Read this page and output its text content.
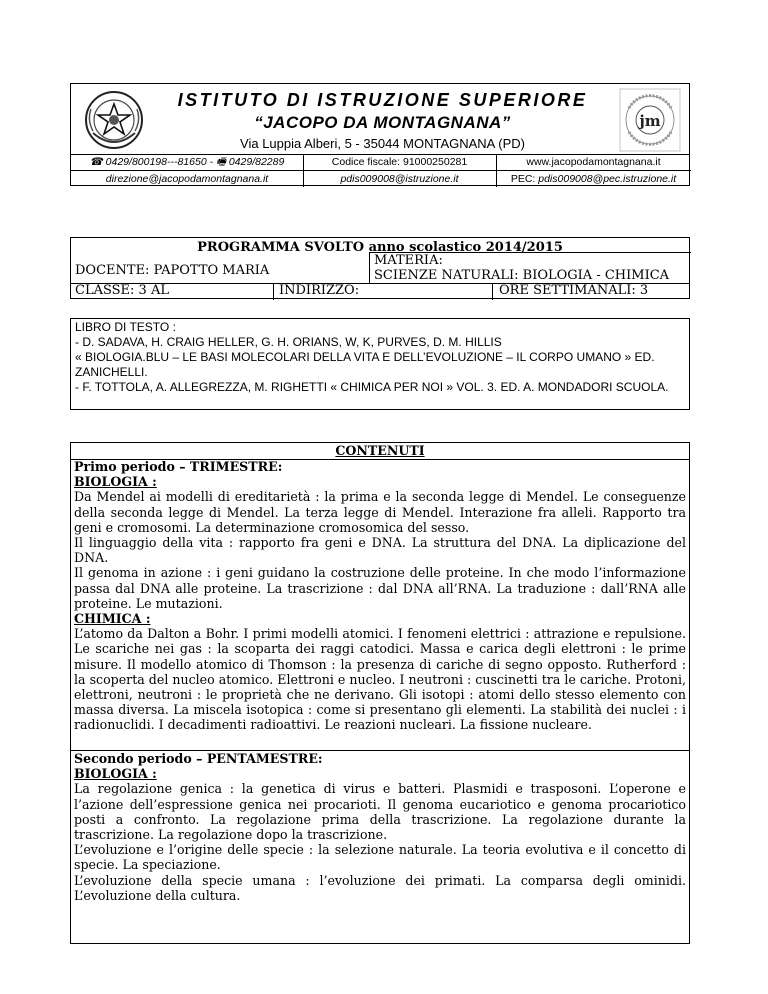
ISTITUTO DI ISTRUZIONE SUPERIORE
“JACOPO DA MONTAGNANA”
Via Luppia Alberi, 5 - 35044 MONTAGNANA (PD)
jm
☎ 0429/800198---81650 - 🖷 0429/82289
direzione@jacopodamontagnana.it
Codice fiscale: 91000250281
pdis009008@istruzione.it
www.jacopodamontagnana.it
PEC: pdis009008@pec.istruzione.it
PROGRAMMA SVOLTO anno scolastico 2014/2015
DOCENTE: PAPOTTO MARIA
MATERIA:
SCIENZE NATURALI: BIOLOGIA - CHIMICA
CLASSE: 3 AL	INDIRIZZO:	ORE SETTIMANALI: 3
LIBRO DI TESTO :
- D. SADAVA, H. CRAIG HELLER, G. H. ORIANS, W, K, PURVES, D. M. HILLIS
« BIOLOGIA.BLU – LE BASI MOLECOLARI DELLA VITA E DELL’EVOLUZIONE – IL CORPO UMANO » ED. ZANICHELLI.
- F. TOTTOLA, A. ALLEGREZZA, M. RIGHETTI « CHIMICA PER NOI » VOL. 3. ED. A. MONDADORI SCUOLA.
CONTENUTI

Primo periodo – TRIMESTRE:

BIOLOGIA :

Da Mendel ai modelli di ereditarietà : la prima e la seconda legge di Mendel. Le conseguenze della seconda legge di Mendel. La terza legge di Mendel. Interazione fra alleli. Rapporto tra geni e cromosomi. La determinazione cromosomica del sesso.

Il linguaggio della vita : rapporto fra geni e DNA. La struttura del DNA. La diplicazione del DNA.

Il genoma in azione : i geni guidano la costruzione delle proteine. In che modo l’informazione passa dal DNA alle proteine. La trascrizione : dal DNA all’RNA. La traduzione : dall’RNA alle proteine. Le mutazioni.

CHIMICA :

L’atomo da Dalton a Bohr. I primi modelli atomici. I fenomeni elettrici : attrazione e repulsione. Le scariche nei gas : la scoparta dei raggi catodici. Massa e carica degli elettroni : le prime misure. Il modello atomico di Thomson : la presenza di cariche di segno opposto. Rutherford : la scoperta del nucleo atomico. Elettroni e nucleo. I neutroni : cuscinetti tra le cariche. Protoni, elettroni, neutroni : le proprietà che ne derivano. Gli isotopi : atomi dello stesso elemento con massa diversa. La miscela isotopica : come si presentano gli elementi. La stabilità dei nuclei : i radionuclidi. I decadimenti radioattivi. Le reazioni nucleari. La fissione nucleare.

Secondo periodo – PENTAMESTRE:

BIOLOGIA :

La regolazione genica : la genetica di virus e batteri. Plasmidi e trasposoni. L’operone e l’azione dell’espressione genica nei procarioti. Il genoma eucariotico e genoma procariotico posti a confronto. La regolazione prima della trascrizione. La regolazione durante la trascrizione. La regolazione dopo la trascrizione.

L’evoluzione e l’origine delle specie : la selezione naturale. La teoria evolutiva e il concetto di specie. La speciazione.

L’evoluzione della specie umana : l’evoluzione dei primati. La comparsa degli ominidi. L’evoluzione della cultura.
